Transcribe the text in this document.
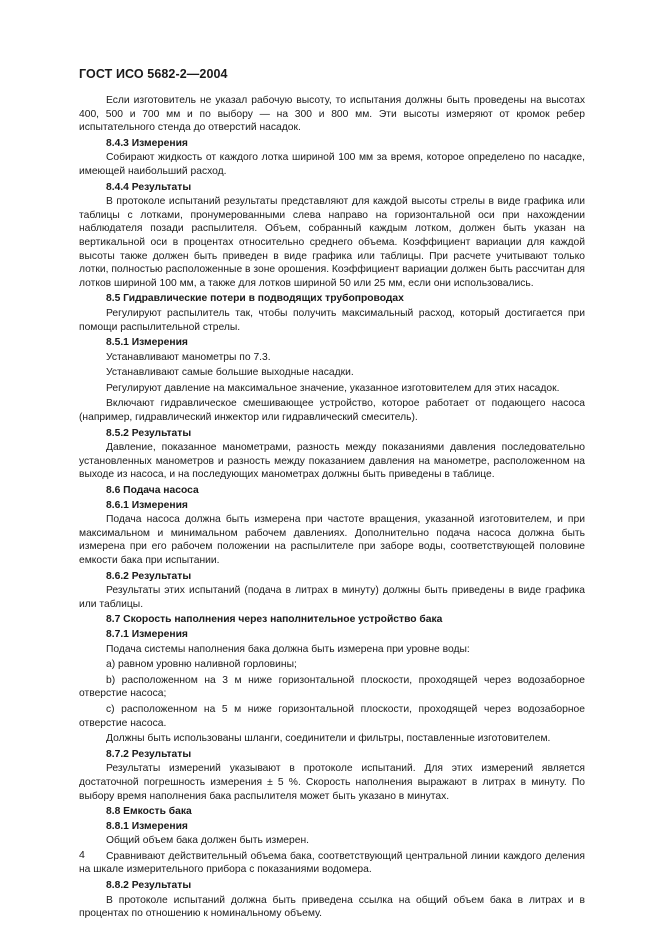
ГОСТ ИСО 5682-2—2004
Если изготовитель не указал рабочую высоту, то испытания должны быть проведены на высотах 400, 500 и 700 мм и по выбору — на 300 и 800 мм. Эти высоты измеряют от кромок ребер испытательного стенда до отверстий насадок.
8.4.3 Измерения
Собирают жидкость от каждого лотка шириной 100 мм за время, которое определено по насадке, имеющей наибольший расход.
8.4.4 Результаты
В протоколе испытаний результаты представляют для каждой высоты стрелы в виде графика или таблицы с лотками, пронумерованными слева направо на горизонтальной оси при нахождении наблюдателя позади распылителя. Объем, собранный каждым лотком, должен быть указан на вертикальной оси в процентах относительно среднего объема. Коэффициент вариации для каждой высоты также должен быть приведен в виде графика или таблицы. При расчете учитывают только лотки, полностью расположенные в зоне орошения. Коэффициент вариации должен быть рассчитан для лотков шириной 100 мм, а также для лотков шириной 50 или 25 мм, если они использовались.
8.5 Гидравлические потери в подводящих трубопроводах
Регулируют распылитель так, чтобы получить максимальный расход, который достигается при помощи распылительной стрелы.
8.5.1 Измерения
Устанавливают манометры по 7.3.
Устанавливают самые большие выходные насадки.
Регулируют давление на максимальное значение, указанное изготовителем для этих насадок.
Включают гидравлическое смешивающее устройство, которое работает от подающего насоса (например, гидравлический инжектор или гидравлический смеситель).
8.5.2 Результаты
Давление, показанное манометрами, разность между показаниями давления последовательно установленных манометров и разность между показанием давления на манометре, расположенном на выходе из насоса, и на последующих манометрах должны быть приведены в таблице.
8.6 Подача насоса
8.6.1 Измерения
Подача насоса должна быть измерена при частоте вращения, указанной изготовителем, и при максимальном и минимальном рабочем давлениях. Дополнительно подача насоса должна быть измерена при его рабочем положении на распылителе при заборе воды, соответствующей половине емкости бака при испытании.
8.6.2 Результаты
Результаты этих испытаний (подача в литрах в минуту) должны быть приведены в виде графика или таблицы.
8.7 Скорость наполнения через наполнительное устройство бака
8.7.1 Измерения
Подача системы наполнения бака должна быть измерена при уровне воды:
a) равном уровню наливной горловины;
b) расположенном на 3 м ниже горизонтальной плоскости, проходящей через водозаборное отверстие насоса;
c) расположенном на 5 м ниже горизонтальной плоскости, проходящей через водозаборное отверстие насоса.
Должны быть использованы шланги, соединители и фильтры, поставленные изготовителем.
8.7.2 Результаты
Результаты измерений указывают в протоколе испытаний. Для этих измерений является достаточной погрешность измерения ± 5 %. Скорость наполнения выражают в литрах в минуту. По выбору время наполнения бака распылителя может быть указано в минутах.
8.8 Емкость бака
8.8.1 Измерения
Общий объем бака должен быть измерен.
Сравнивают действительный объема бака, соответствующий центральной линии каждого деления на шкале измерительного прибора с показаниями водомера.
8.8.2 Результаты
В протоколе испытаний должна быть приведена ссылка на общий объем бака в литрах и в процентах по отношению к номинальному объему.
4
